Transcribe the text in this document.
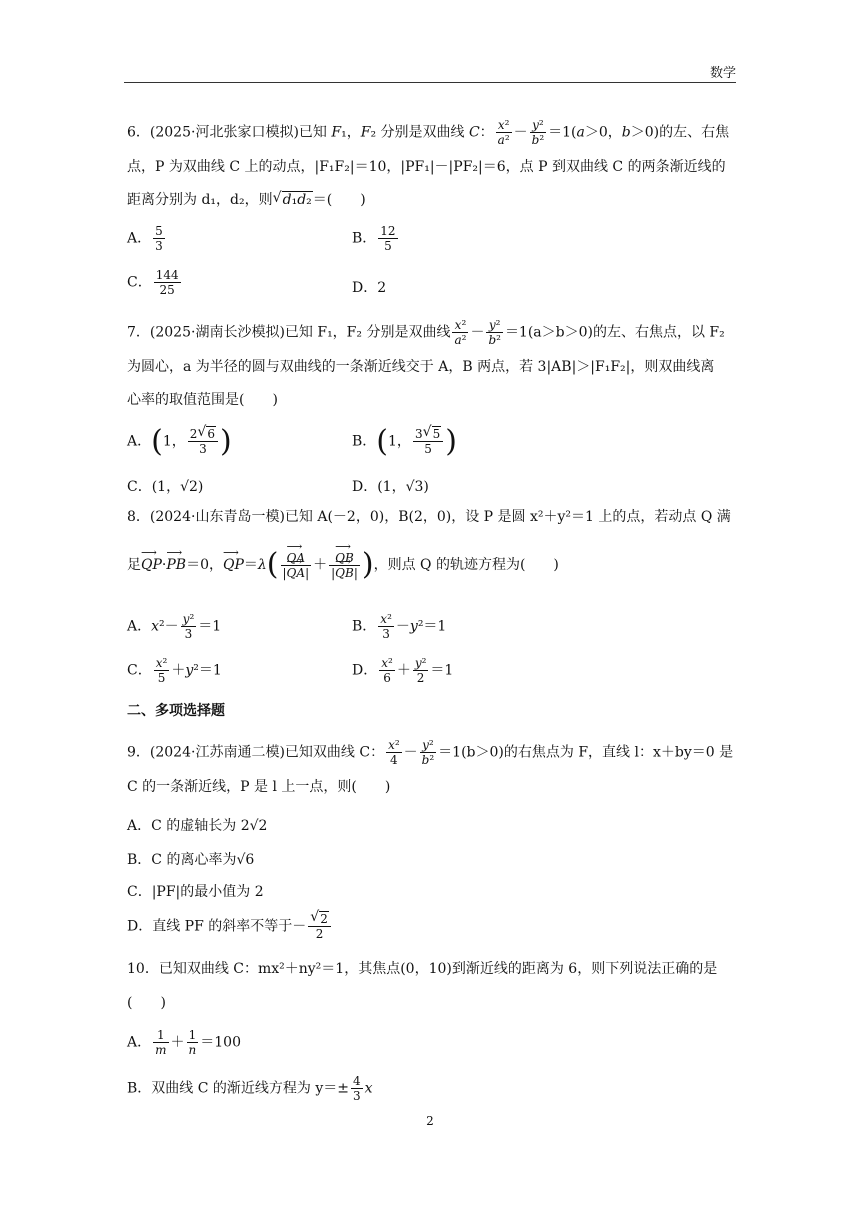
数学
6．(2025·河北张家口模拟)已知 F₁，F₂ 分别是双曲线 C： $\frac{\text{x²}}{\text{a²}} - \frac{\text{y²}}{\text{b²}} =1(a>0$，b＞0)的左、右焦
点，P 为双曲线 C 上的动点，|F₁F₂|＝10，|PF₁|－|PF₂|＝6，点 P 到双曲线 C 的两条渐近线的
距离分别为 d₁，d₂，则 √ d₁d₂＝(　　)
A． $\frac{5}{3}$	B． $\frac{12}{5}$
C． $\frac{144}{25}$	D．2
7．(2025·湖南长沙模拟)已知 F₁，F₂ 分别是双曲线 $\frac{\text{x²}}{\text{a²}} - \frac{\text{y²}}{\text{b²}} =1(a>b>0)$的左、右焦点，以 F₂
为圆心，a 为半径的圆与双曲线的一条渐近线交于 A，B 两点，若 3|AB|＞|F₁F₂|，则双曲线离
心率的取值范围是(　　)
A．(1， $\frac{2 √ 6}{3}$ )	B．(1， $\frac{3 √ 5}{5}$ )
C．(1，√2)	D．(1，√3)
8．(2024·山东青岛一模)已知 A(－2，0)，B(2，0)，设 P 是圆 x²＋y²＝1 上的点，若动点 Q 满
足⟶ QP·⟶ PB＝0，⟶ QP＝λ( ⟶ $\frac{QA}{|⟶ QA|}$ ＋ ⟶ $\frac{QB}{|⟶ QB|}$ )，则点 Q 的轨迹方程为(　　)
A．$x^2- \frac{\text{y²}}{3} =1$	B． $\frac{\text{x²}}{3} -y^2=1$
C． $\frac{\text{x²}}{5} +y^2=1$	D． $\frac{\text{x²}}{6} + \frac{\text{y²}}{2} =1$
二、多项选择题
9．(2024·江苏南通二模)已知双曲线 C： $\frac{\text{x²}}{4} - \frac{\text{y²}}{\text{b²}} =1(b>0)$的右焦点为 F，直线 l：x＋by＝0 是
C 的一条渐近线，P 是 l 上一点，则(　　)
A．C 的虚轴长为 2√2
B．C 的离心率为√6
C．|PF|的最小值为 2
D．直线 PF 的斜率不等于－ √ $\frac{2}{2}$
10．已知双曲线 C：mx²＋ny²＝1，其焦点(0，10)到渐近线的距离为 6，则下列说法正确的是
(　　)
A． $\frac{1}{m} + \frac{1}{n} =100$
B．双曲线 C 的渐近线方程为 $y=\pm \frac{4}{3}$ x
2
